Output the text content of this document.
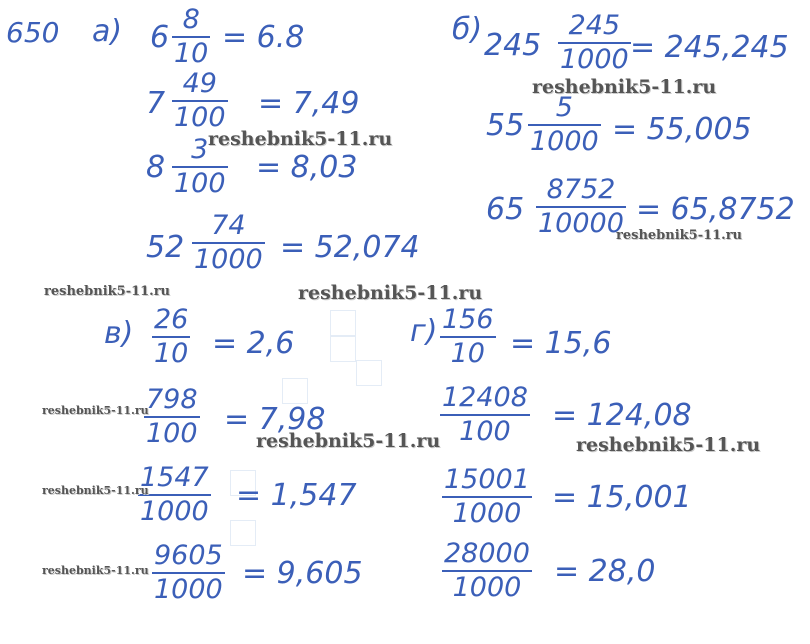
650 а) 6
8
10 = 6.8
7
49
100 = 7,49
8
3
100 = 8,03
52
74
1000 = 52,074
б) 245
245
1000 = 245,245
55
5
1000 = 55,005
65
8752
10000 = 65,8752
в) 26
10 = 2,6
798
100 = 7,98
1547
1000 = 1,547
9605
1000 = 9,605
г) 156
10 = 15,6
12408
100 = 124,08
15001
1000 = 15,001
28000
1000 = 28,0
reshebnik5-11.ru
reshebnik5-11.ru
reshebnik5-11.ru
reshebnik5-11.ru	reshebnik5-11.ru
reshebnik5-11.ru
reshebnik5-11.ru	reshebnik5-11.ru
reshebnik5-11.ru
reshebnik5-11.ru
